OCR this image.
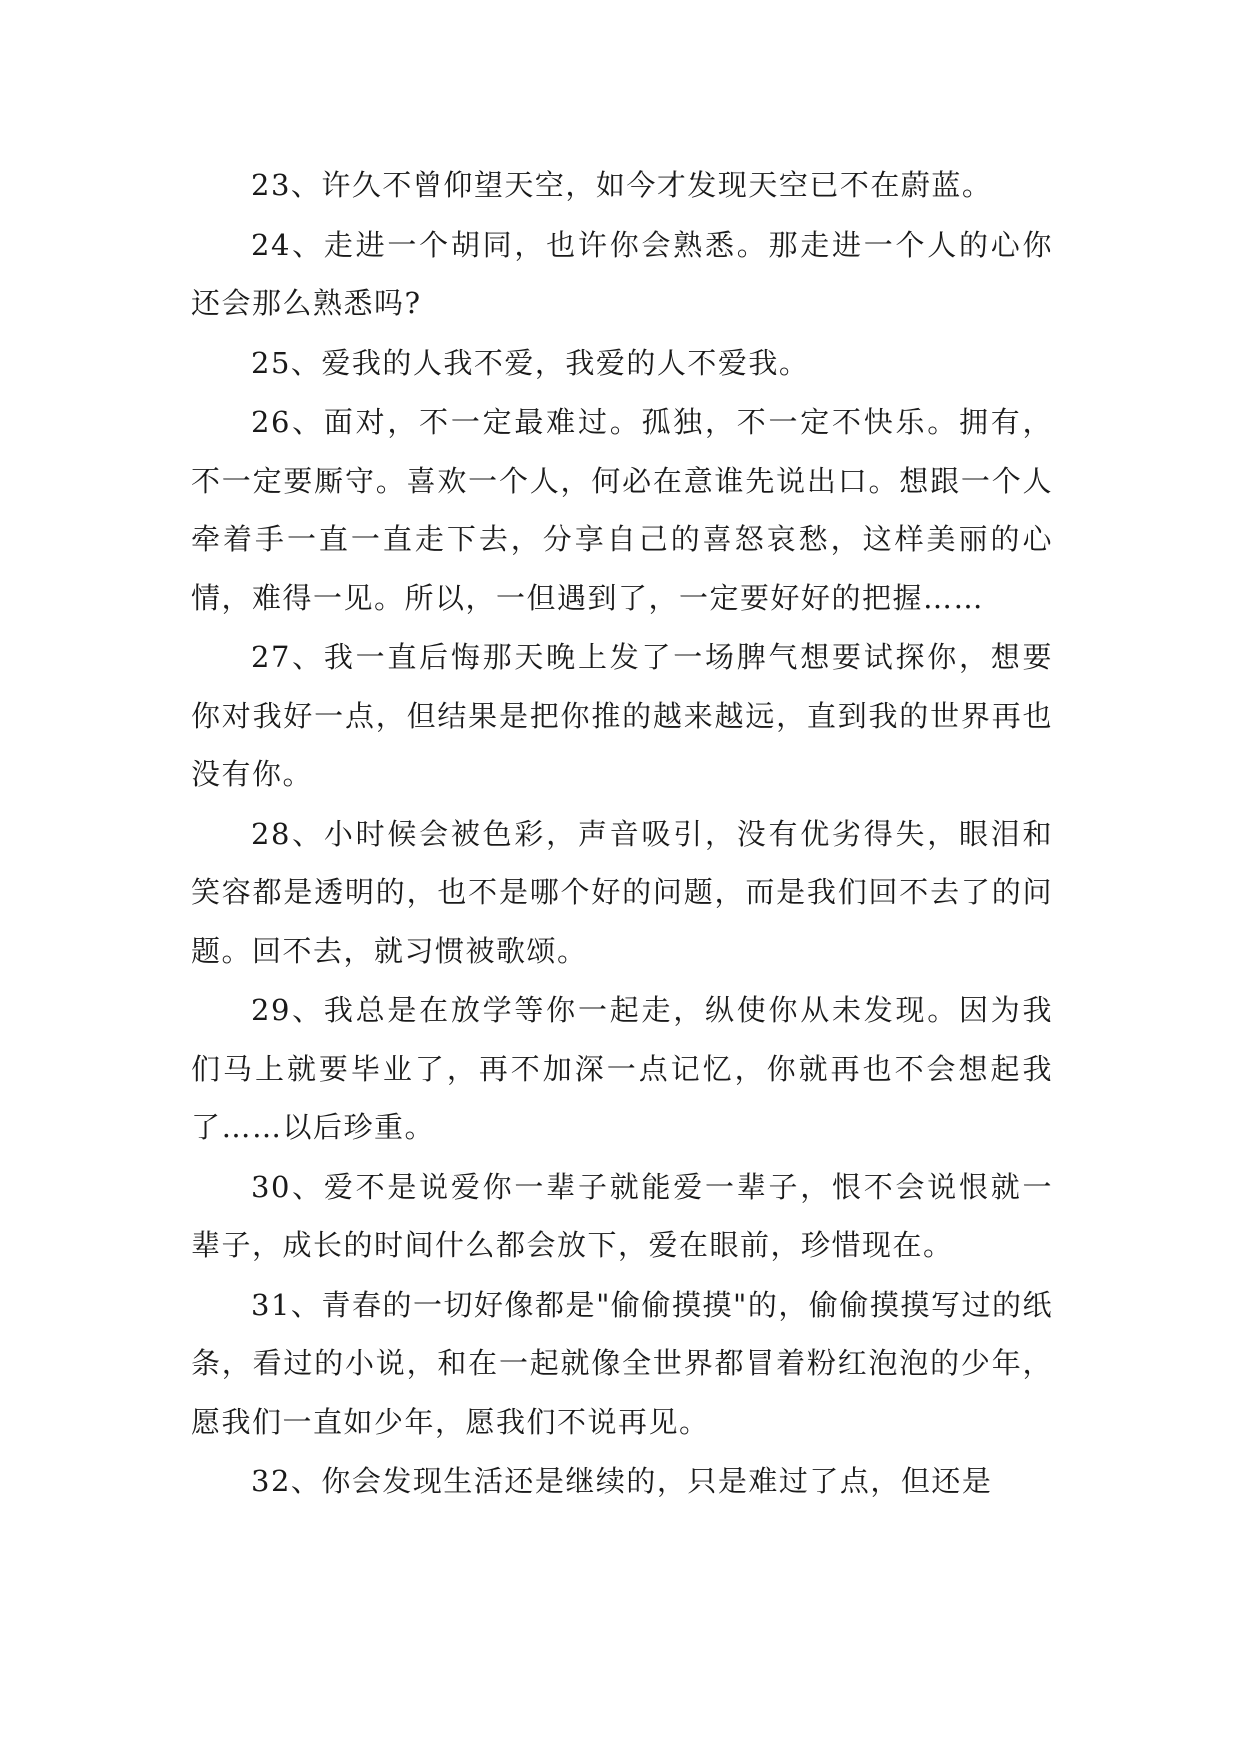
23、许久不曾仰望天空，如今才发现天空已不在蔚蓝。

24、走进一个胡同，也许你会熟悉。那走进一个人的心你还会那么熟悉吗?

25、爱我的人我不爱，我爱的人不爱我。

26、面对，不一定最难过。孤独，不一定不快乐。拥有，不一定要厮守。喜欢一个人，何必在意谁先说出口。想跟一个人牵着手一直一直走下去，分享自己的喜怒哀愁，这样美丽的心情，难得一见。所以，一但遇到了，一定要好好的把握……

27、我一直后悔那天晚上发了一场脾气想要试探你，想要你对我好一点，但结果是把你推的越来越远，直到我的世界再也没有你。

28、小时候会被色彩，声音吸引，没有优劣得失，眼泪和笑容都是透明的，也不是哪个好的问题，而是我们回不去了的问题。回不去，就习惯被歌颂。

29、我总是在放学等你一起走，纵使你从未发现。因为我们马上就要毕业了，再不加深一点记忆，你就再也不会想起我了……以后珍重。

30、爱不是说爱你一辈子就能爱一辈子，恨不会说恨就一辈子，成长的时间什么都会放下，爱在眼前，珍惜现在。

31、青春的一切好像都是"偷偷摸摸"的，偷偷摸摸写过的纸条，看过的小说，和在一起就像全世界都冒着粉红泡泡的少年，愿我们一直如少年，愿我们不说再见。

32、你会发现生活还是继续的，只是难过了点，但还是
